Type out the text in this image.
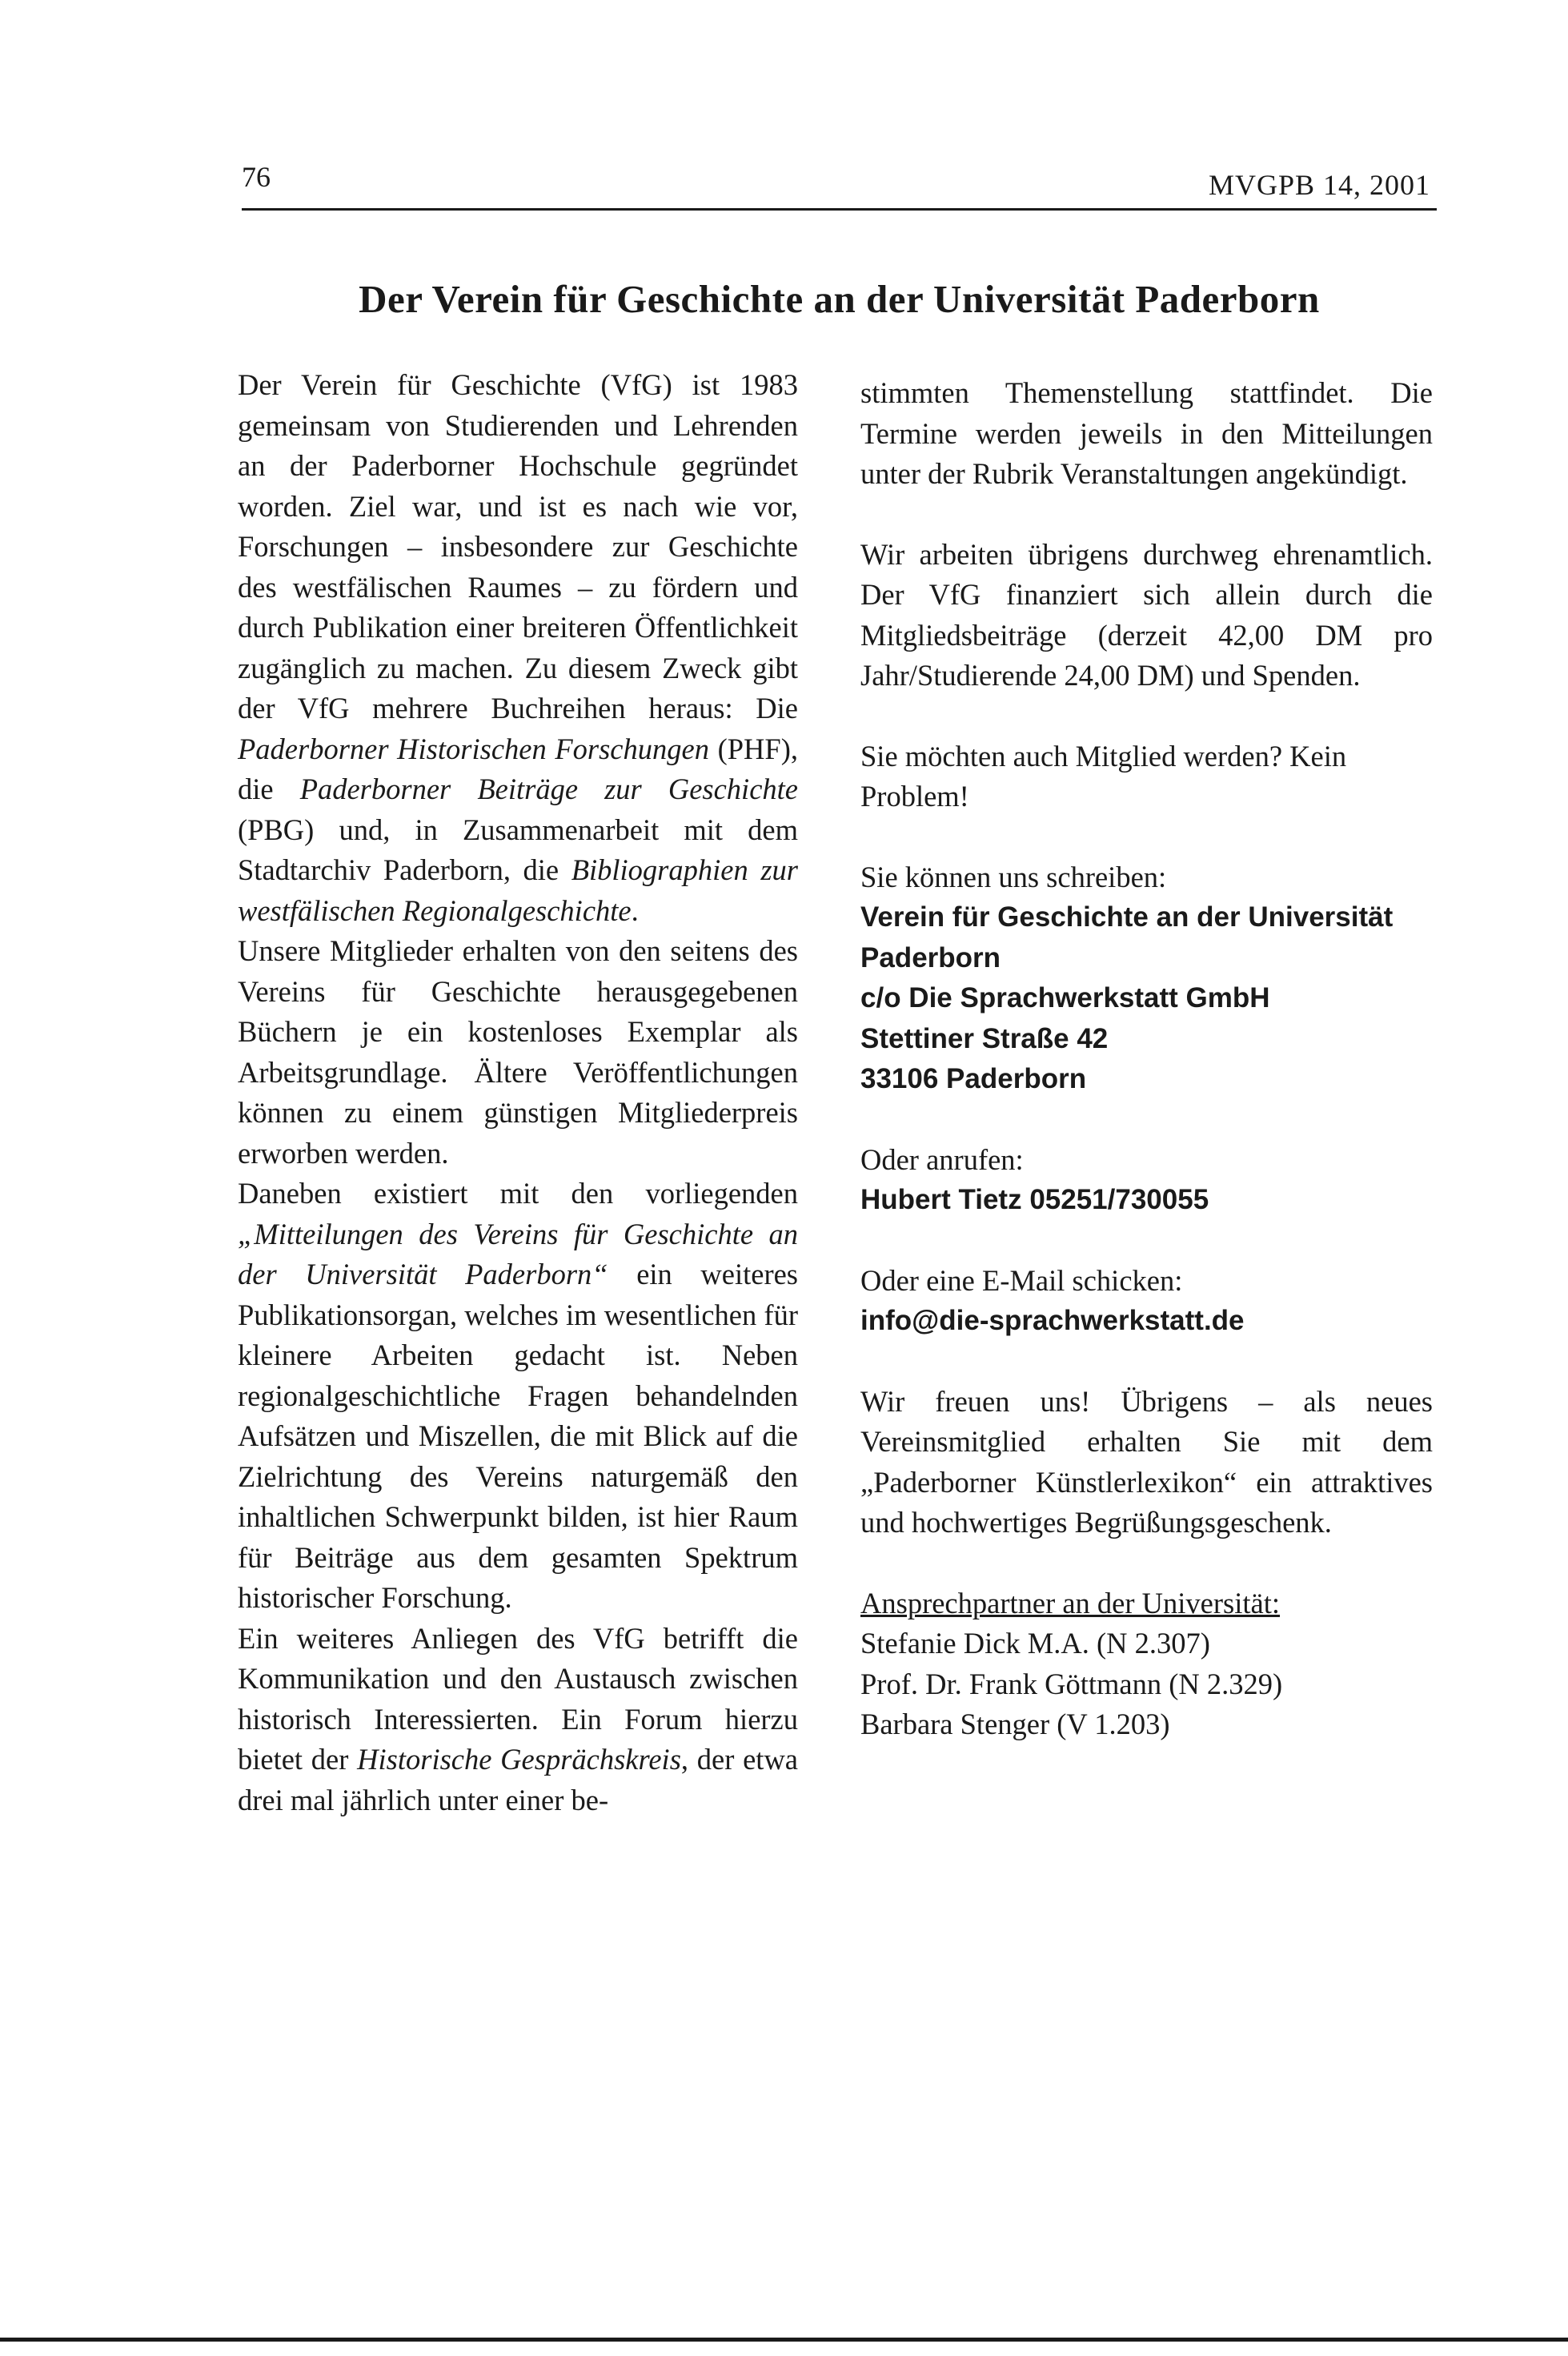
76	MVGPB 14, 2001
Der Verein für Geschichte an der Universität Paderborn

Der Verein für Geschichte (VfG) ist 1983 gemeinsam von Studierenden und Lehrenden an der Paderborner Hochschule gegründet worden. Ziel war, und ist es nach wie vor, Forschungen – insbesondere zur Geschichte des westfälischen Raumes – zu fördern und durch Publikation einer breiteren Öffentlichkeit zugänglich zu machen. Zu diesem Zweck gibt der VfG mehrere Buchreihen heraus: Die Paderborner Historischen Forschungen (PHF), die Paderborner Beiträge zur Geschichte (PBG) und, in Zusammenarbeit mit dem Stadtarchiv Paderborn, die Bibliographien zur westfälischen Regionalgeschichte.

Unsere Mitglieder erhalten von den seitens des Vereins für Geschichte herausgegebenen Büchern je ein kostenloses Exemplar als Arbeitsgrundlage. Ältere Veröffentlichungen können zu einem günstigen Mitgliederpreis erworben werden.

Daneben existiert mit den vorliegenden „Mitteilungen des Vereins für Geschichte an der Universität Paderborn“ ein weiteres Publikationsorgan, welches im wesentlichen für kleinere Arbeiten gedacht ist. Neben regionalgeschichtliche Fragen behandelnden Aufsätzen und Miszellen, die mit Blick auf die Zielrichtung des Vereins naturgemäß den inhaltlichen Schwerpunkt bilden, ist hier Raum für Beiträge aus dem gesamten Spektrum historischer Forschung.

Ein weiteres Anliegen des VfG betrifft die Kommunikation und den Austausch zwischen historisch Interessierten. Ein Forum hierzu bietet der Historische Gesprächskreis, der etwa drei mal jährlich unter einer be-

stimmten Themenstellung stattfindet. Die Termine werden jeweils in den Mitteilungen unter der Rubrik Veranstaltungen angekündigt.

Wir arbeiten übrigens durchweg ehrenamtlich. Der VfG finanziert sich allein durch die Mitgliedsbeiträge (derzeit 42,00 DM pro Jahr/Studierende 24,00 DM) und Spenden.

Sie möchten auch Mitglied werden? Kein Problem!

Sie können uns schreiben:

Verein für Geschichte an der Universität Paderborn

c/o Die Sprachwerkstatt GmbH

Stettiner Straße 42

33106 Paderborn

Oder anrufen:

Hubert Tietz 05251/730055

Oder eine E-Mail schicken:

info@die-sprachwerkstatt.de

Wir freuen uns! Übrigens – als neues Vereinsmitglied erhalten Sie mit dem „Paderborner Künstlerlexikon“ ein attraktives und hochwertiges Begrüßungsgeschenk.

Ansprechpartner an der Universität:

Stefanie Dick M.A. (N 2.307)

Prof. Dr. Frank Göttmann (N 2.329)

Barbara Stenger (V 1.203)
